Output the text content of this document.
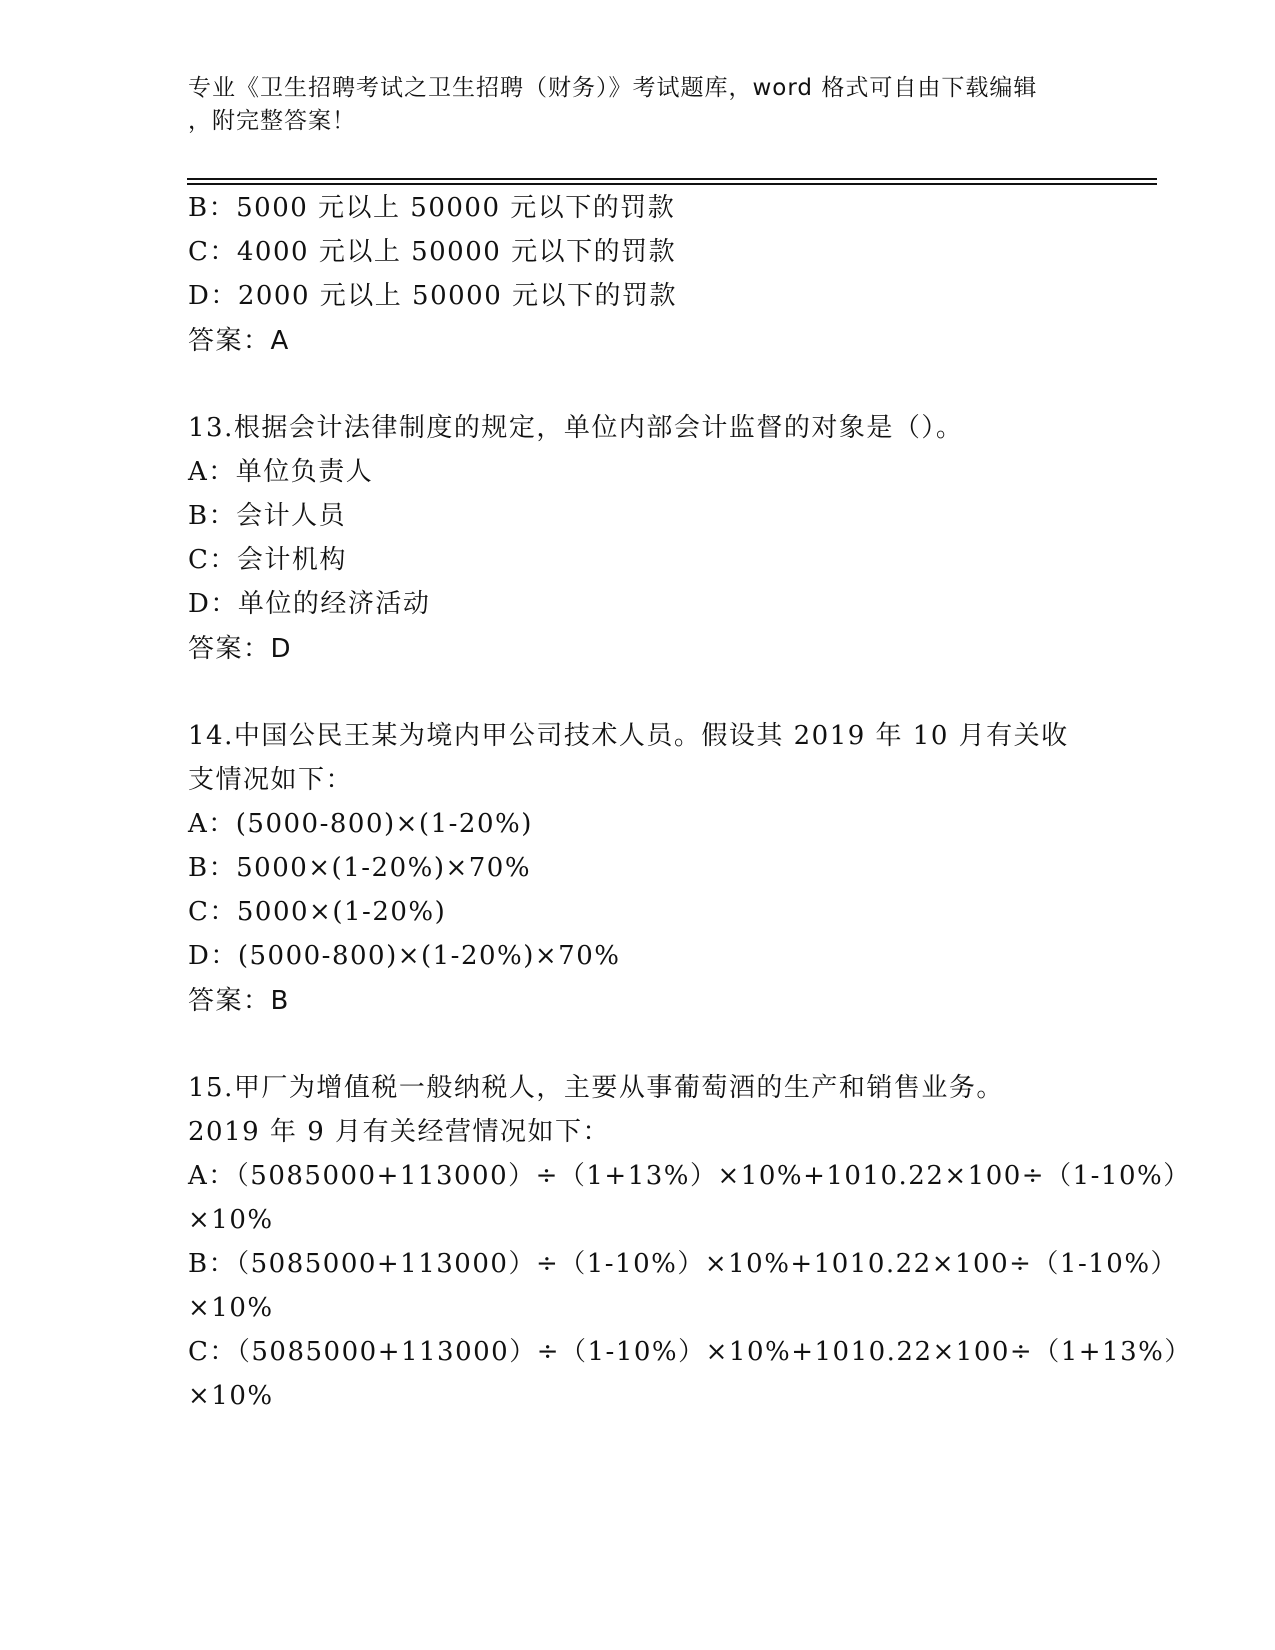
专业《卫生招聘考试之卫生招聘（财务）》考试题库，word 格式可自由下载编辑
，附完整答案！
B：5000 元以上 50000 元以下的罚款
C：4000 元以上 50000 元以下的罚款
D：2000 元以上 50000 元以下的罚款
答案：A
13.根据会计法律制度的规定，单位内部会计监督的对象是（）。
A：单位负责人
B：会计人员
C：会计机构
D：单位的经济活动
答案：D
14.中国公民王某为境内甲公司技术人员。假设其 2019 年 10 月有关收
支情况如下：
A：(5000-800)×(1-20%)
B：5000×(1-20%)×70%
C：5000×(1-20%)
D：(5000-800)×(1-20%)×70%
答案：B
15.甲厂为增值税一般纳税人，主要从事葡萄酒的生产和销售业务。
2019 年 9 月有关经营情况如下：
A：（5085000+113000）÷（1+13%）×10%+1010.22×100÷（1-10%）
×10%
B：（5085000+113000）÷（1-10%）×10%+1010.22×100÷（1-10%）
×10%
C：（5085000+113000）÷（1-10%）×10%+1010.22×100÷（1+13%）
×10%
